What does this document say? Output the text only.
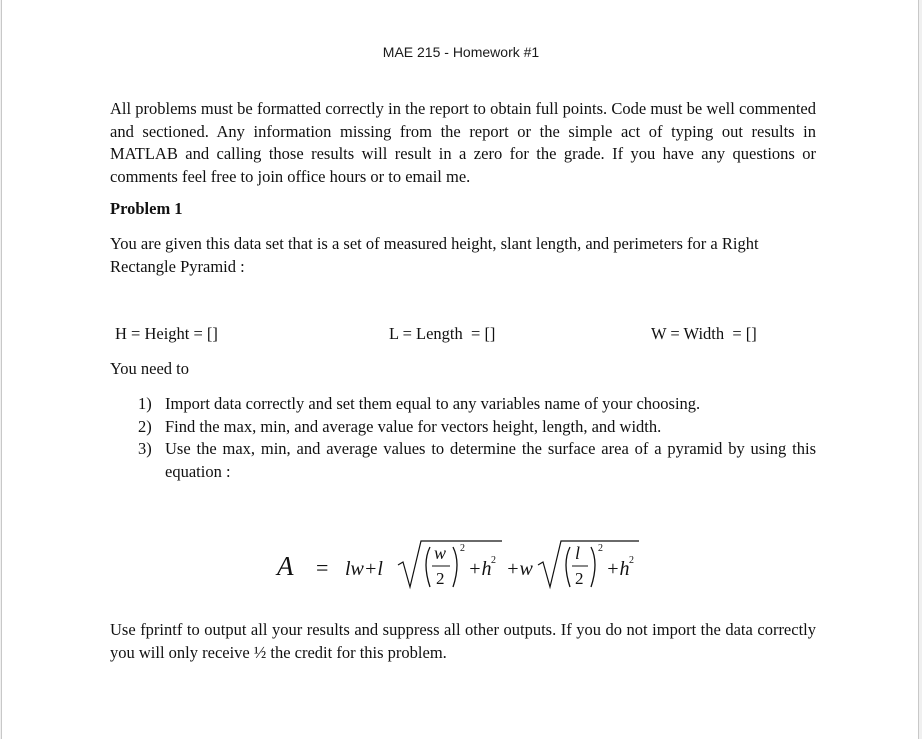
MAE 215 - Homework #1
All problems must be formatted correctly in the report to obtain full points. Code must be well commented and sectioned. Any information missing from the report or the simple act of typing out results in MATLAB and calling those results will result in a zero for the grade. If you have any questions or comments feel free to join office hours or to email me.
Problem 1
You are given this data set that is a set of measured height, slant length, and perimeters for a Right Rectangle Pyramid :
H = Height = []	L = Length  = []	W = Width  = []
You need to
1) Import data correctly and set them equal to any variables name of your choosing.
2) Find the max, min, and average value for vectors height, length, and width.
3) Use the max, min, and average values to determine the surface area of a pyramid by using this equation :
A = lw+l
w
2
2
+h 2 +w
l
2
2
+h 2
Use fprintf to output all your results and suppress all other outputs. If you do not import the data correctly you will only receive ½ the credit for this problem.
